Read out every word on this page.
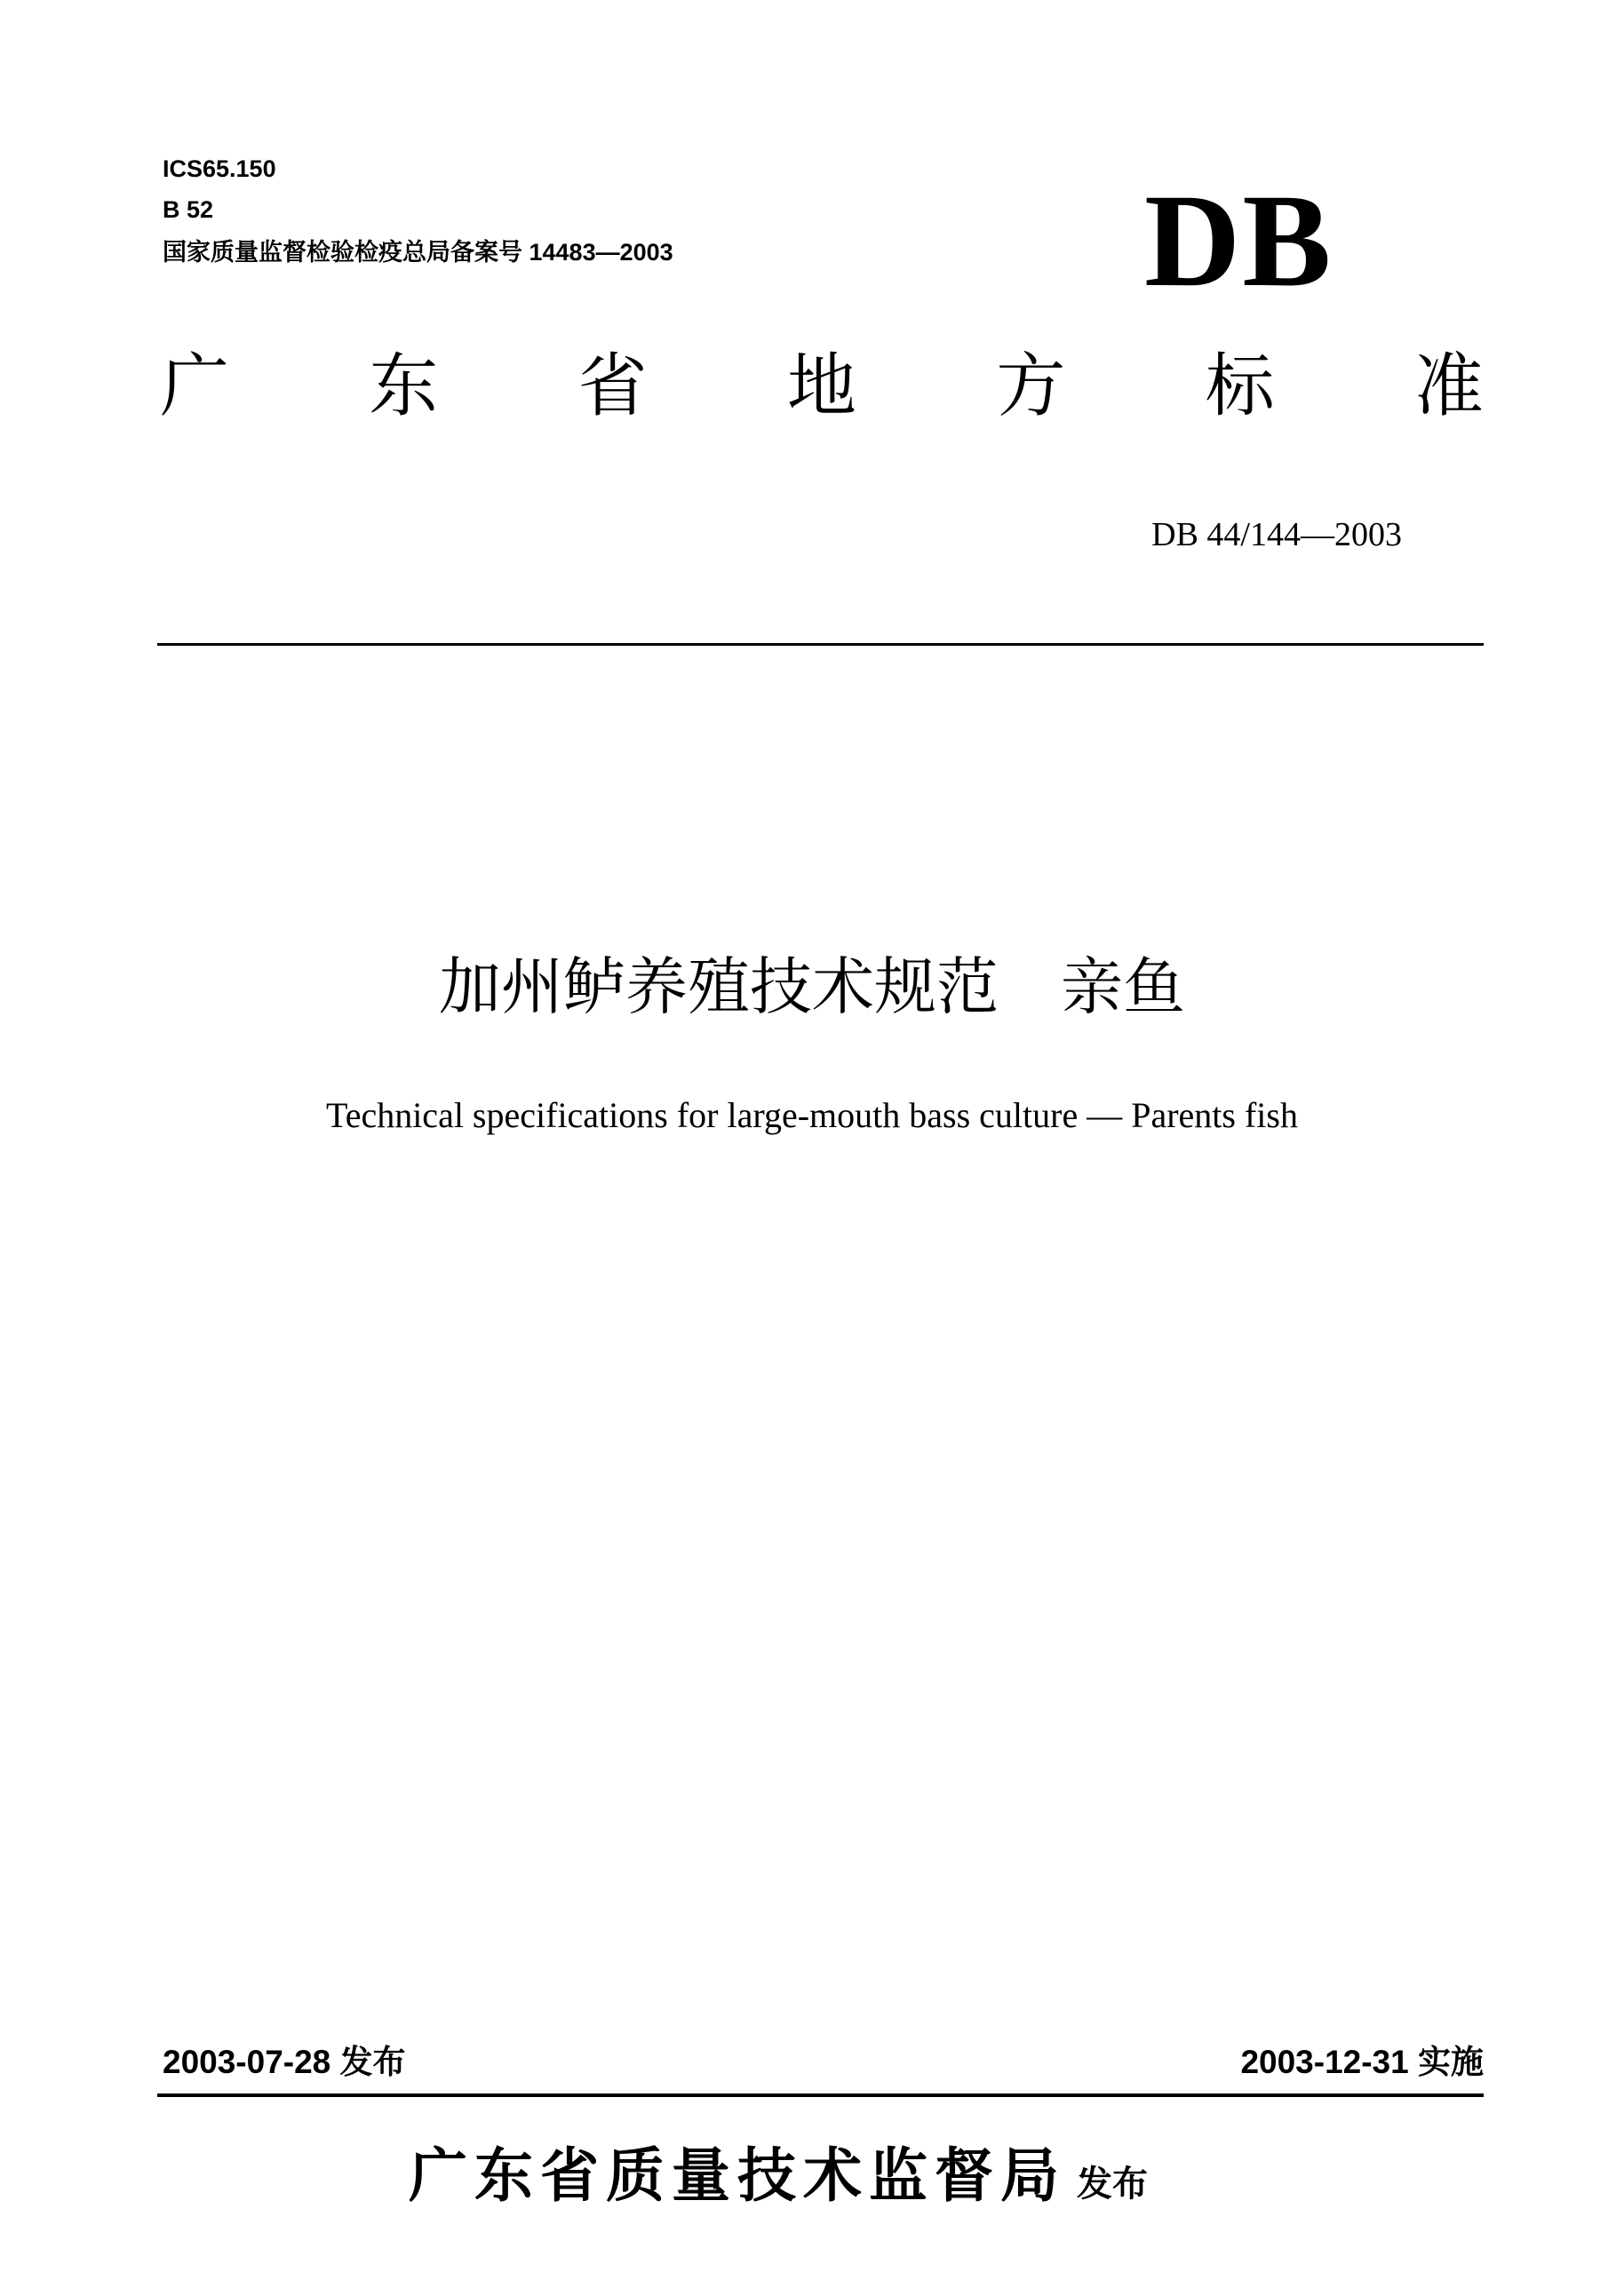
ICS65.150
B 52
国家质量监督检验检疫总局备案号 14483—2003	DB
广 东 省 地 方 标 准
DB 44/144—2003
加州鲈养殖技术规范　亲鱼
Technical specifications for large-mouth bass culture — Parents fish
2003-07-28 发布	2003-12-31 实施
广东省质量技术监督局 发布
